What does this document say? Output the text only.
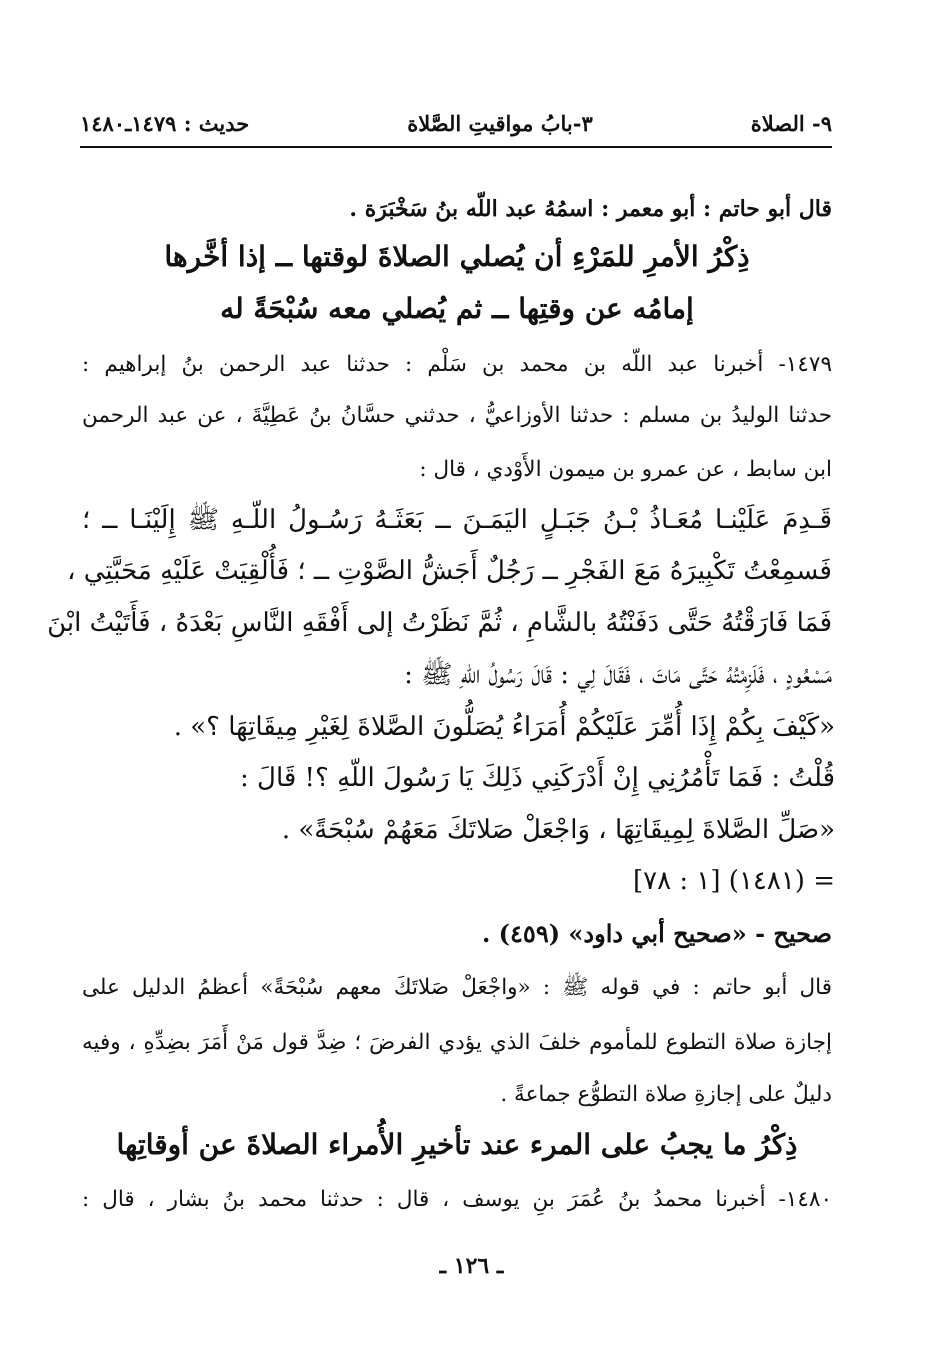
٩- الصلاة
٣-بابُ مواقيتِ الصَّلاة
حديث : ١٤٧٩ـ١٤٨٠
قال أبو حاتم : أبو معمر : اسمُهُ عبد اللّه بنُ سَخْبَرَة .
ذِكْرُ الأمرِ للمَرْءِ أن يُصلي الصلاةَ لوقتها ــ إذا أخَّرها
إمامُه عن وقتِها ــ ثم يُصلي معه سُبْحَةً له
١٤٧٩- أخبرنا عبد اللّه بن محمد بن سَلْم : حدثنا عبد الرحمن بنُ إبراهيم :
حدثنا الوليدُ بن مسلم : حدثنا الأوزاعيُّ ، حدثني حسَّانُ بنُ عَطِيَّةَ ، عن عبد الرحمن
ابن سابط ، عن عمرو بن ميمون الأَوْدي ، قال :
قَـدِمَ عَلَيْنـا مُعَـاذُ بْـنُ جَبَـلٍ اليَمَـنَ ــ بَعَثَـهُ رَسُـولُ اللّـهِ ﷺ إِلَيْنَـا ــ ؛
فَسمِعْتُ تَكْبِيرَهُ مَعَ الفَجْرِ ــ رَجُلٌ أَجَشُّ الصَّوْتِ ــ ؛ فَأُلْقِيَتْ عَلَيْهِ مَحَبَّتِي ،
فَمَا فَارَقْتُهُ حَتَّى دَفَنْتُهُ بالشَّامِ ، ثُمَّ نَظَرْتُ إلى أَفْقَهِ النَّاسِ بَعْدَهُ ، فَأَتَيْتُ ابْنَ
مَسْعُودٍ ، فَلَزِمْتُهُ حَتَّى مَاتَ ، فَقَالَ لِي : قَالَ رَسُولُ اللّهِ ﷺ :
«كَيْفَ بِكُمْ إِذَا أُمِّرَ عَلَيْكُمْ أُمَرَاءُ يُصَلُّونَ الصَّلاةَ لِغَيْرِ مِيقَاتِهَا ؟» .
قُلْتُ : فَمَا تَأْمُرُنِي إِنْ أَدْرَكَنِي ذَلِكَ يَا رَسُولَ اللّهِ ؟! قَالَ :
«صَلِّ الصَّلاةَ لِمِيقَاتِهَا ، وَاجْعَلْ صَلاتَكَ مَعَهُمْ سُبْحَةً» .
= (١٤٨١) [١ : ٧٨]
صحيح - «صحيح أبي داود» (٤٥٩) .
قال أبو حاتم : في قوله ﷺ : «واجْعَلْ صَلاتَكَ معهم سُبْحَةً» أعظمُ الدليل على
إجازة صلاة التطوع للمأموم خلفَ الذي يؤدي الفرضَ ؛ ضِدَّ قول مَنْ أَمَرَ بضِدِّهِ ، وفيه
دليلٌ على إجازةِ صلاة التطوُّع جماعةً .
ذِكْرُ ما يجبُ على المرء عند تأخيرِ الأُمراء الصلاةَ عن أوقاتِها
١٤٨٠- أخبرنا محمدُ بنُ عُمَرَ بنِ يوسف ، قال : حدثنا محمد بنُ بشار ، قال :
ـ ١٢٦ ـ
